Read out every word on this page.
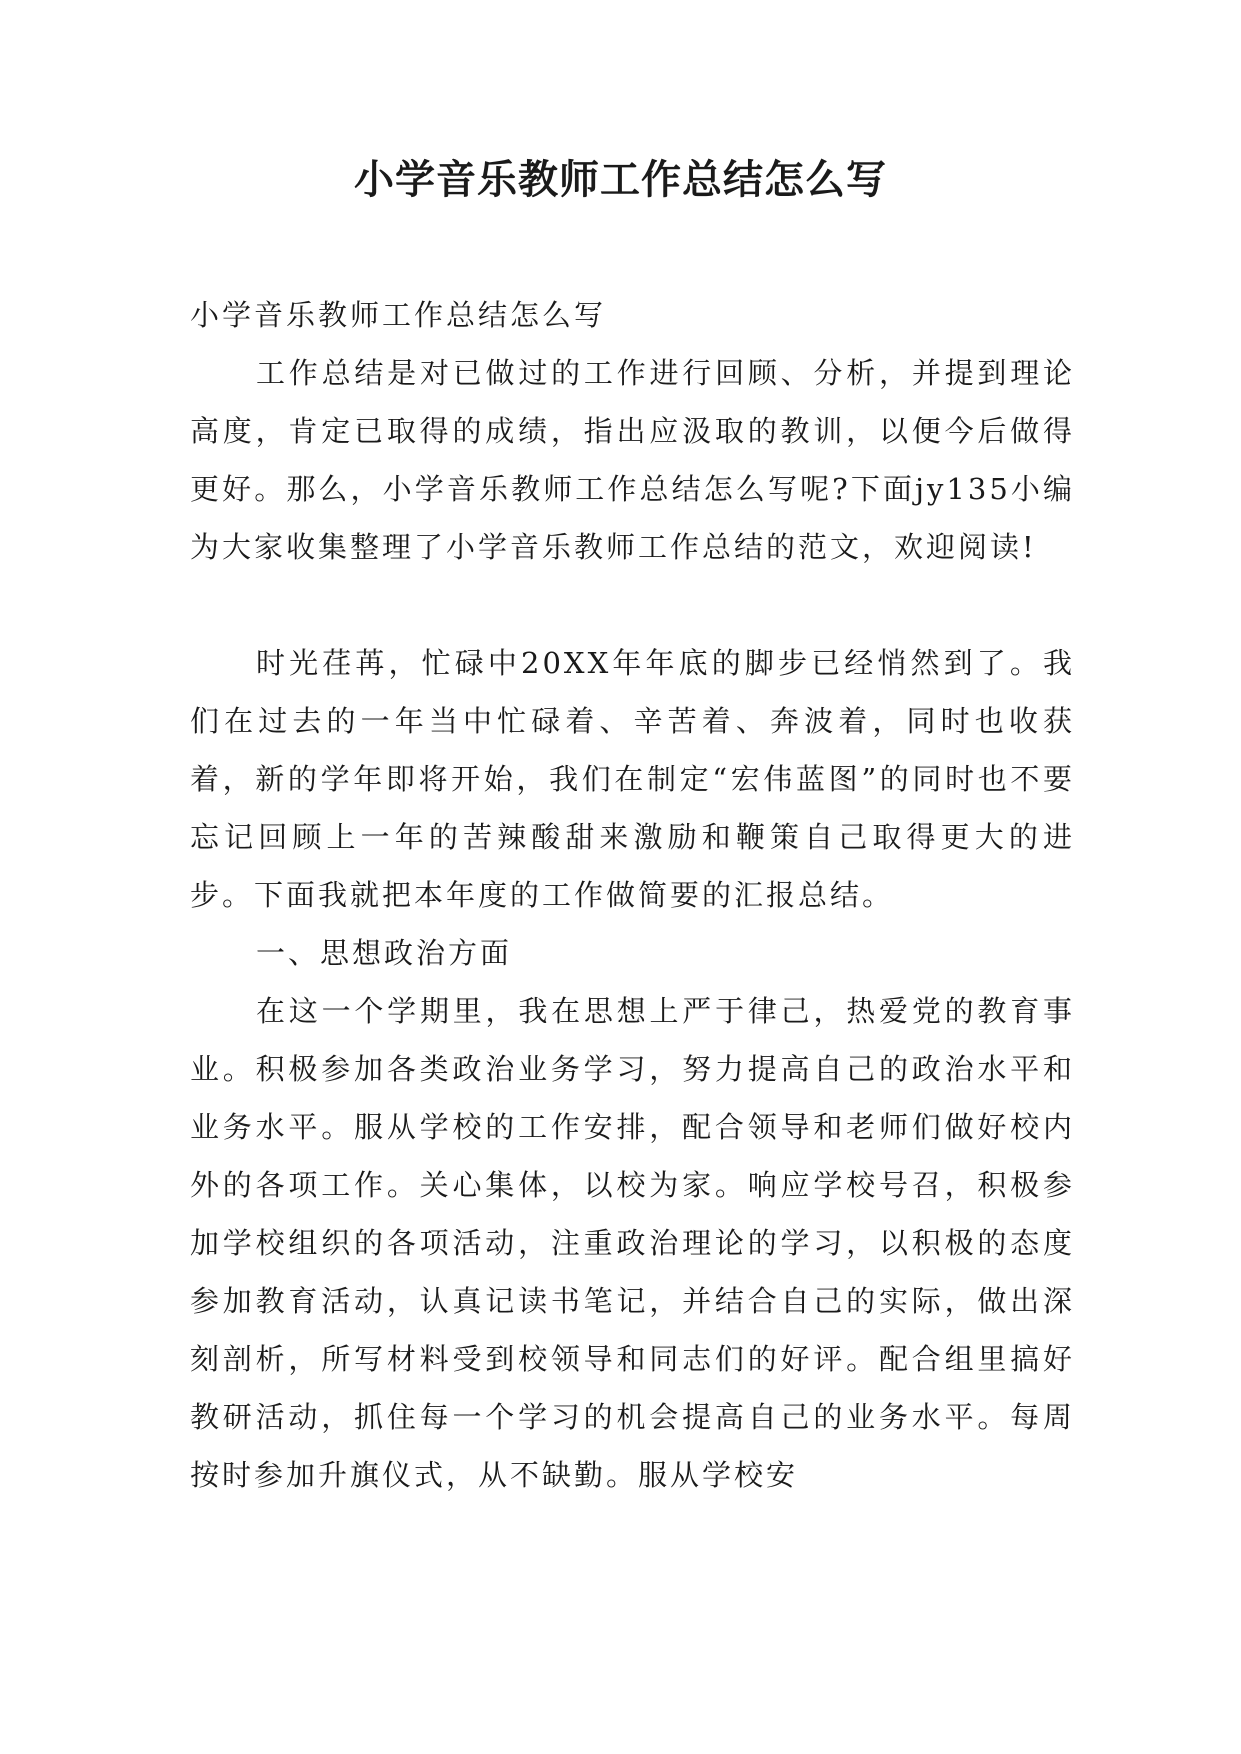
小学音乐教师工作总结怎么写

小学音乐教师工作总结怎么写

工作总结是对已做过的工作进行回顾、分析，并提到理论高度，肯定已取得的成绩，指出应汲取的教训，以便今后做得更好。那么，小学音乐教师工作总结怎么写呢?下面jy135小编为大家收集整理了小学音乐教师工作总结的范文，欢迎阅读!

时光荏苒，忙碌中20XX年年底的脚步已经悄然到了。我们在过去的一年当中忙碌着、辛苦着、奔波着，同时也收获着，新的学年即将开始，我们在制定“宏伟蓝图”的同时也不要忘记回顾上一年的苦辣酸甜来激励和鞭策自己取得更大的进步。下面我就把本年度的工作做简要的汇报总结。

一、思想政治方面

在这一个学期里，我在思想上严于律己，热爱党的教育事业。积极参加各类政治业务学习，努力提高自己的政治水平和业务水平。服从学校的工作安排，配合领导和老师们做好校内外的各项工作。关心集体，以校为家。响应学校号召，积极参加学校组织的各项活动，注重政治理论的学习，以积极的态度参加教育活动，认真记读书笔记，并结合自己的实际，做出深刻剖析，所写材料受到校领导和同志们的好评。配合组里搞好教研活动，抓住每一个学习的机会提高自己的业务水平。每周按时参加升旗仪式，从不缺勤。服从学校安
